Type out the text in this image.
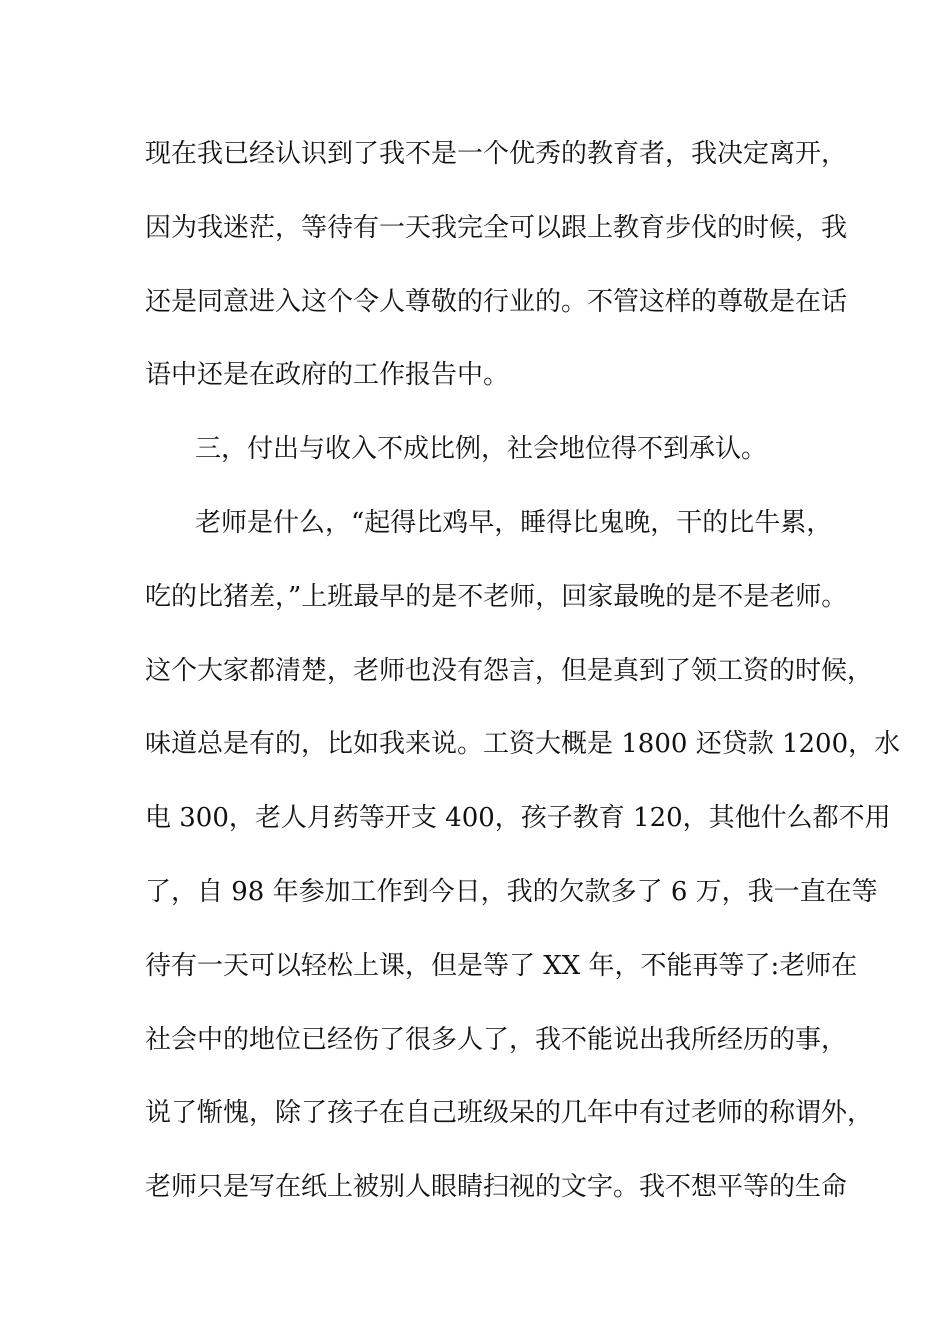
现在我已经认识到了我不是一个优秀的教育者，我决定离开，
因为我迷茫，等待有一天我完全可以跟上教育步伐的时候，我
还是同意进入这个令人尊敬的行业的。不管这样的尊敬是在话
语中还是在政府的工作报告中。
三，付出与收入不成比例，社会地位得不到承认。
老师是什么，“起得比鸡早，睡得比鬼晚，干的比牛累，
吃的比猪差，”上班最早的是不老师，回家最晚的是不是老师。
这个大家都清楚，老师也没有怨言，但是真到了领工资的时候，
味道总是有的，比如我来说。工资大概是 1800 还贷款 1200，水
电 300，老人月药等开支 400，孩子教育 120，其他什么都不用
了，自 98 年参加工作到今日，我的欠款多了 6 万，我一直在等
待有一天可以轻松上课，但是等了 XX 年，不能再等了:老师在
社会中的地位已经伤了很多人了，我不能说出我所经历的事，
说了惭愧，除了孩子在自己班级呆的几年中有过老师的称谓外，
老师只是写在纸上被别人眼睛扫视的文字。我不想平等的生命
